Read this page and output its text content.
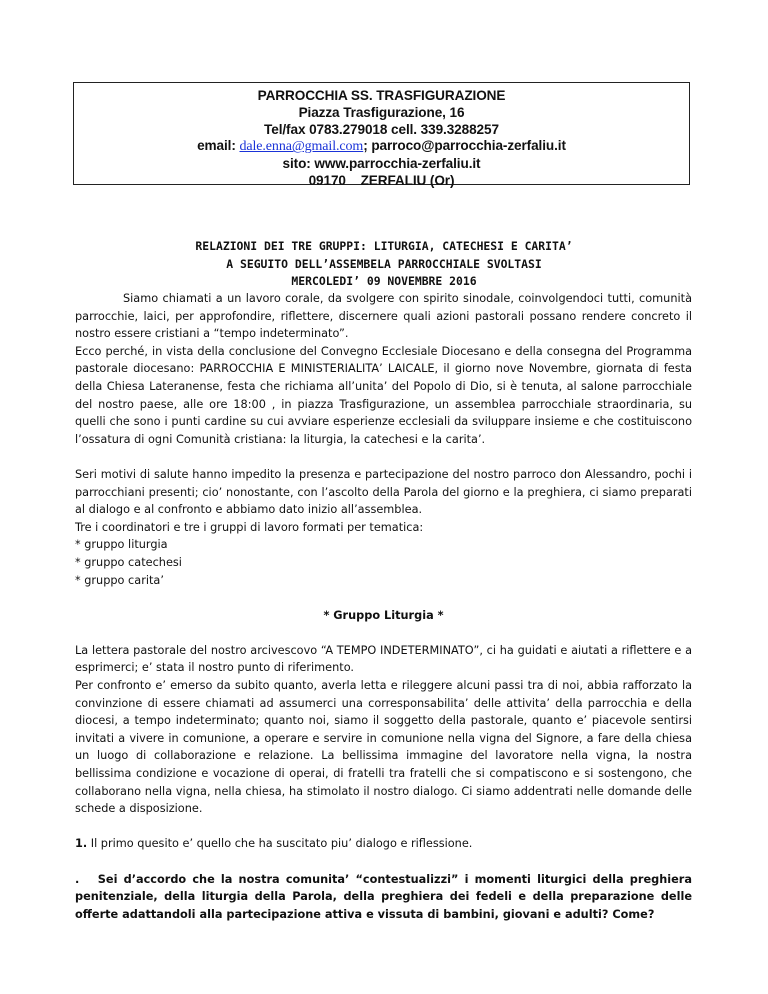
PARROCCHIA SS. TRASFIGURAZIONE
Piazza Trasfigurazione, 16
Tel/fax 0783.279018 cell. 339.3288257
email: dale.enna@gmail.com; parroco@parrocchia-zerfaliu.it
sito: www.parrocchia-zerfaliu.it
09170    ZERFALIU (Or)
RELAZIONI DEI TRE GRUPPI: LITURGIA, CATECHESI E CARITA’
A SEGUITO DELL’ASSEMBELA PARROCCHIALE SVOLTASI
MERCOLEDI’ 09 NOVEMBRE 2016

Siamo chiamati a un lavoro corale, da svolgere con spirito sinodale, coinvolgendoci tutti, comunità parrocchie, laici, per approfondire, riflettere, discernere quali azioni pastorali possano rendere concreto il nostro essere cristiani a “tempo indeterminato”.

Ecco perché, in vista della conclusione del Convegno Ecclesiale Diocesano e della consegna del Programma pastorale diocesano: PARROCCHIA E MINISTERIALITA’ LAICALE, il giorno nove Novembre, giornata di festa della Chiesa Lateranense, festa che richiama all’unita’ del Popolo di Dio, si è tenuta, al salone parrocchiale del nostro paese, alle ore 18:00 , in piazza Trasfigurazione, un assemblea parrocchiale straordinaria, su quelli che sono i punti cardine su cui avviare esperienze ecclesiali da sviluppare insieme e che costituiscono l’ossatura di ogni Comunità cristiana: la liturgia, la catechesi e la carita’.

Seri motivi di salute hanno impedito la presenza e partecipazione del nostro parroco don Alessandro, pochi i parrocchiani presenti; cio’ nonostante, con l’ascolto della Parola del giorno e la preghiera, ci siamo preparati al dialogo e al confronto e abbiamo dato inizio all’assemblea.

Tre i coordinatori e tre i gruppi di lavoro formati per tematica:

* gruppo liturgia

* gruppo catechesi

* gruppo carita’

* Gruppo Liturgia *

La lettera pastorale del nostro arcivescovo “A TEMPO INDETERMINATO”, ci ha guidati e aiutati a riflettere e a esprimerci; e’ stata il nostro punto di riferimento.

Per confronto e’ emerso da subito quanto, averla letta e rileggere alcuni passi tra di noi, abbia rafforzato la convinzione di essere chiamati ad assumerci una corresponsabilita’ delle attivita’ della parrocchia e della diocesi, a tempo indeterminato; quanto noi, siamo il soggetto della pastorale, quanto e’ piacevole sentirsi invitati a vivere in comunione, a operare e servire in comunione nella vigna del Signore, a fare della chiesa un luogo di collaborazione e relazione. La bellissima immagine del lavoratore nella vigna, la nostra bellissima condizione e vocazione di operai, di fratelli tra fratelli che si compatiscono e si sostengono, che collaborano nella vigna, nella chiesa, ha stimolato il nostro dialogo. Ci siamo addentrati nelle domande delle schede a disposizione.

1. Il primo quesito e’ quello che ha suscitato piu’ dialogo e riflessione.

. Sei d’accordo che la nostra comunita’ “contestualizzi” i momenti liturgici della preghiera penitenziale, della liturgia della Parola, della preghiera dei fedeli e della preparazione delle offerte adattandoli alla partecipazione attiva e vissuta di bambini, giovani e adulti? Come?
